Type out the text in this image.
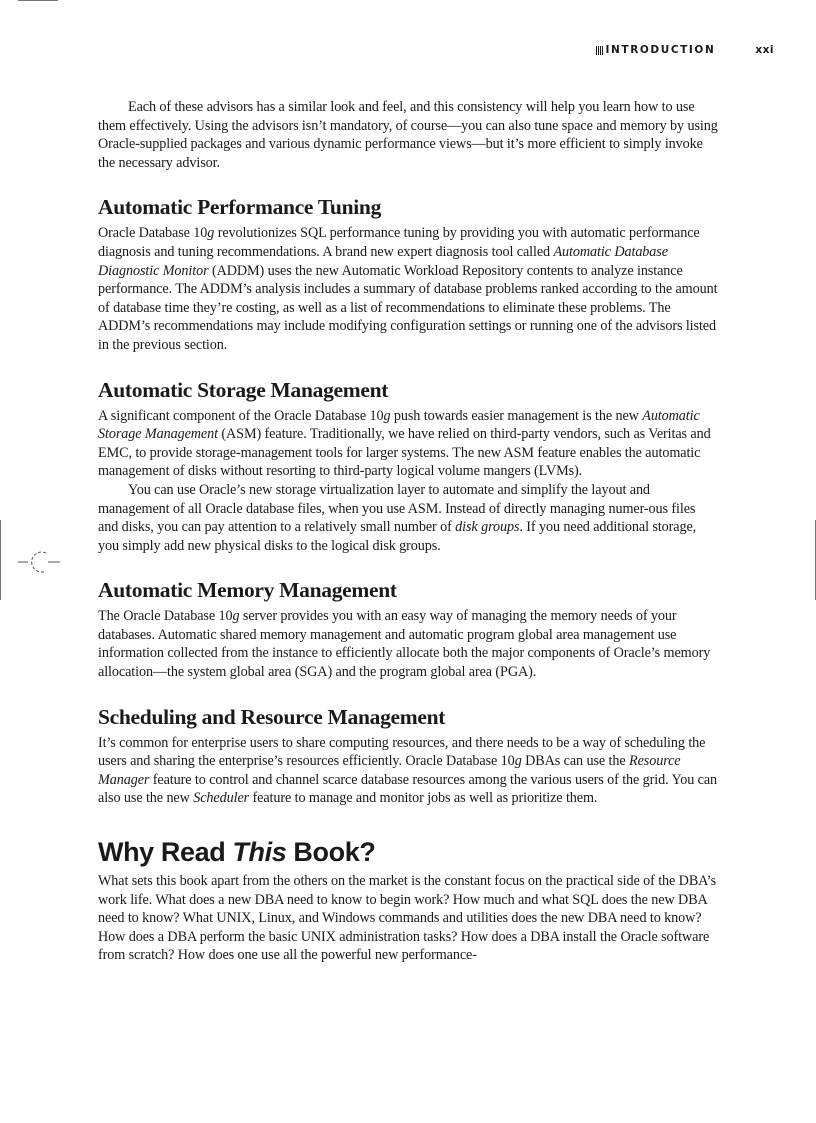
INTRODUCTION	xxi

Each of these advisors has a similar look and feel, and this consistency will help you learn how to use them effectively. Using the advisors isn’t mandatory, of course—you can also tune space and memory by using Oracle-supplied packages and various dynamic performance views—but it’s more efficient to simply invoke the necessary advisor.

Automatic Performance Tuning

Oracle Database 10g revolutionizes SQL performance tuning by providing you with automatic performance diagnosis and tuning recommendations. A brand new expert diagnosis tool called Automatic Database Diagnostic Monitor (ADDM) uses the new Automatic Workload Repository contents to analyze instance performance. The ADDM’s analysis includes a summary of database problems ranked according to the amount of database time they’re costing, as well as a list of recommendations to eliminate these problems. The ADDM’s recommendations may include modifying configuration settings or running one of the advisors listed in the previous section.

Automatic Storage Management

A significant component of the Oracle Database 10g push towards easier management is the new Automatic Storage Management (ASM) feature. Traditionally, we have relied on third-party vendors, such as Veritas and EMC, to provide storage-management tools for larger systems. The new ASM feature enables the automatic management of disks without resorting to third-party logical volume mangers (LVMs).

You can use Oracle’s new storage virtualization layer to automate and simplify the layout and management of all Oracle database files, when you use ASM. Instead of directly managing numer-ous files and disks, you can pay attention to a relatively small number of disk groups. If you need additional storage, you simply add new physical disks to the logical disk groups.

Automatic Memory Management

The Oracle Database 10g server provides you with an easy way of managing the memory needs of your databases. Automatic shared memory management and automatic program global area management use information collected from the instance to efficiently allocate both the major components of Oracle’s memory allocation—the system global area (SGA) and the program global area (PGA).

Scheduling and Resource Management

It’s common for enterprise users to share computing resources, and there needs to be a way of scheduling the users and sharing the enterprise’s resources efficiently. Oracle Database 10g DBAs can use the Resource Manager feature to control and channel scarce database resources among the various users of the grid. You can also use the new Scheduler feature to manage and monitor jobs as well as prioritize them.

Why Read This Book?

What sets this book apart from the others on the market is the constant focus on the practical side of the DBA’s work life. What does a new DBA need to know to begin work? How much and what SQL does the new DBA need to know? What UNIX, Linux, and Windows commands and utilities does the new DBA need to know? How does a DBA perform the basic UNIX administration tasks? How does a DBA install the Oracle software from scratch? How does one use all the powerful new performance-
